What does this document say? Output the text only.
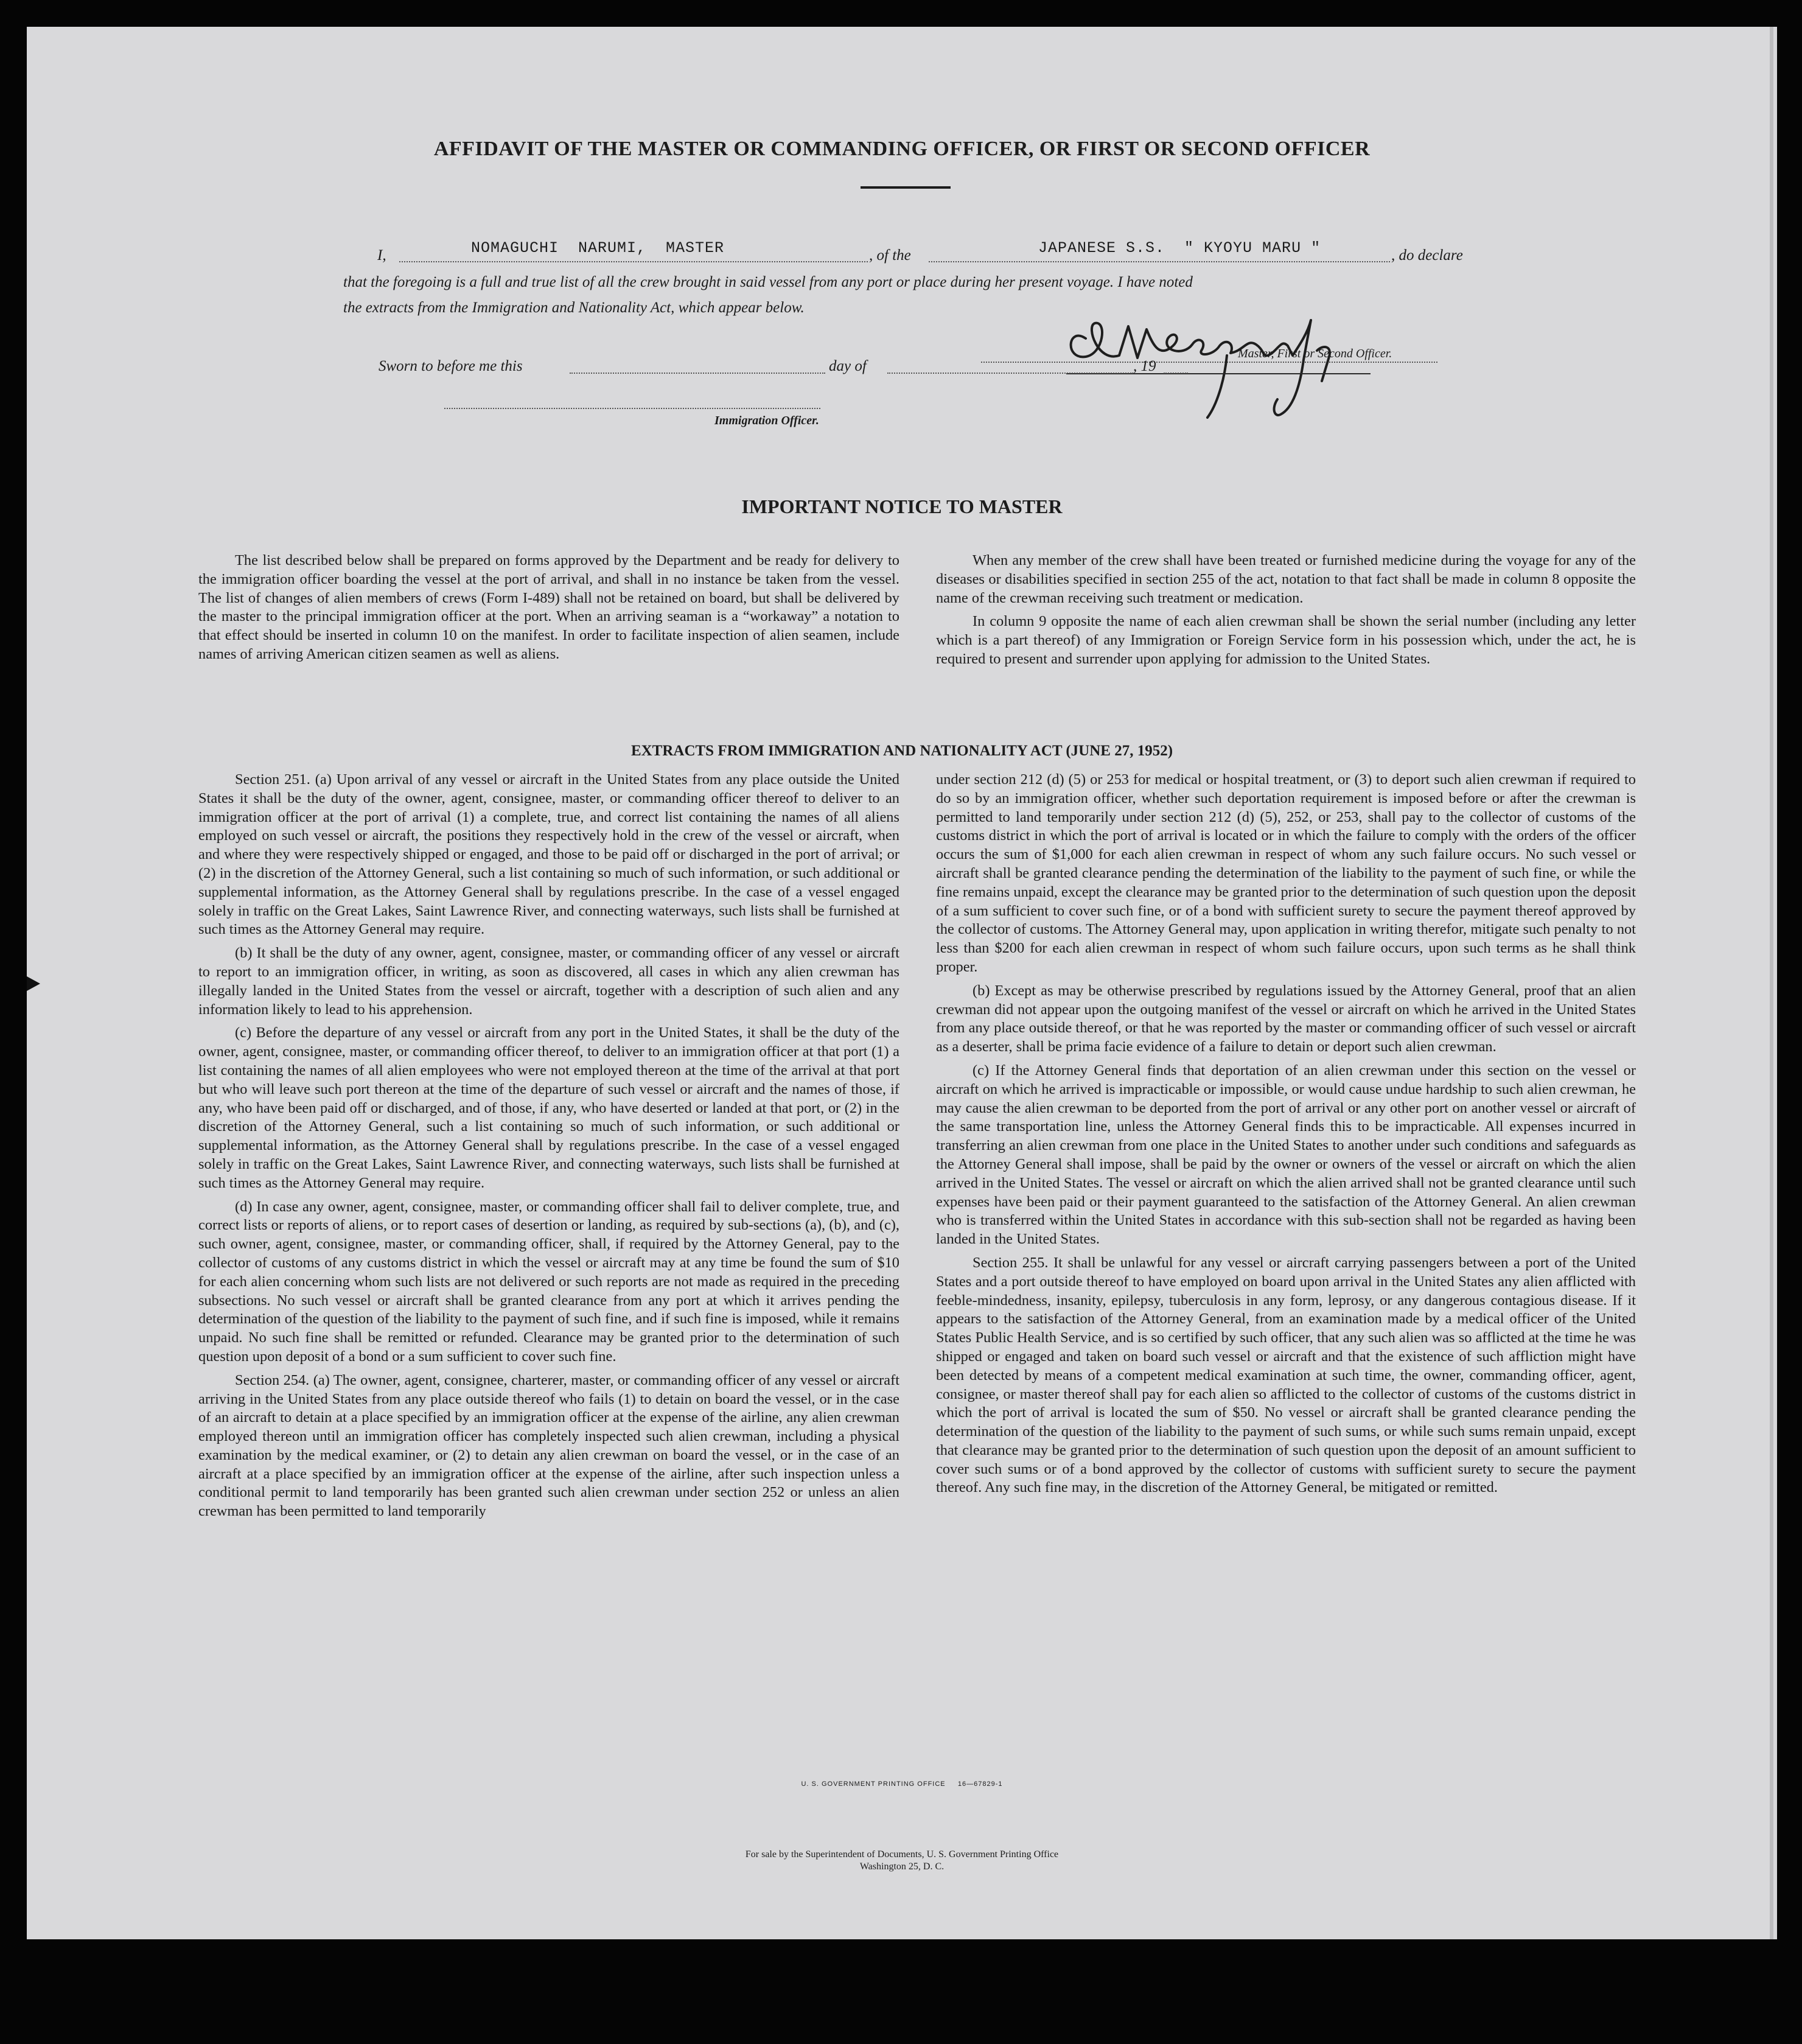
AFFIDAVIT OF THE MASTER OR COMMANDING OFFICER, OR FIRST OR SECOND OFFICER
I,	NOMAGUCHI  NARUMI,  MASTER	, of the	JAPANESE S.S.  " KYOYU MARU "	, do declare
that the foregoing is a full and true list of all the crew brought in said vessel from any port or place during her present voyage. I have noted
the extracts from the Immigration and Nationality Act, which appear below.
Master, First or Second Officer.
Sworn to before me this	day of	, 19
Immigration Officer.
IMPORTANT NOTICE TO MASTER

The list described below shall be prepared on forms approved by the Department and be ready for delivery to the immigration officer boarding the vessel at the port of arrival, and shall in no instance be taken from the vessel. The list of changes of alien members of crews (Form I-489) shall not be retained on board, but shall be delivered by the master to the principal immigration officer at the port. When an arriving seaman is a “workaway” a notation to that effect should be inserted in column 10 on the manifest. In order to facilitate inspection of alien seamen, include names of arriving American citizen seamen as well as aliens.

When any member of the crew shall have been treated or furnished medicine during the voyage for any of the diseases or disabilities specified in section 255 of the act, notation to that fact shall be made in column 8 opposite the name of the crewman receiving such treatment or medication.

In column 9 opposite the name of each alien crewman shall be shown the serial number (including any letter which is a part thereof) of any Immigration or Foreign Service form in his possession which, under the act, he is required to present and surrender upon applying for admission to the United States.

EXTRACTS FROM IMMIGRATION AND NATIONALITY ACT (JUNE 27, 1952)

Section 251. (a) Upon arrival of any vessel or aircraft in the United States from any place outside the United States it shall be the duty of the owner, agent, consignee, master, or commanding officer thereof to deliver to an immigration officer at the port of arrival (1) a complete, true, and correct list containing the names of all aliens employed on such vessel or aircraft, the positions they respectively hold in the crew of the vessel or aircraft, when and where they were respectively shipped or engaged, and those to be paid off or discharged in the port of arrival; or (2) in the discretion of the Attorney General, such a list containing so much of such information, or such additional or supplemental information, as the Attorney General shall by regulations prescribe. In the case of a vessel engaged solely in traffic on the Great Lakes, Saint Lawrence River, and connecting waterways, such lists shall be furnished at such times as the Attorney General may require.

(b) It shall be the duty of any owner, agent, consignee, master, or commanding officer of any vessel or aircraft to report to an immigration officer, in writing, as soon as discovered, all cases in which any alien crewman has illegally landed in the United States from the vessel or aircraft, together with a description of such alien and any information likely to lead to his apprehension.

(c) Before the departure of any vessel or aircraft from any port in the United States, it shall be the duty of the owner, agent, consignee, master, or commanding officer thereof, to deliver to an immigration officer at that port (1) a list containing the names of all alien employees who were not employed thereon at the time of the arrival at that port but who will leave such port thereon at the time of the departure of such vessel or aircraft and the names of those, if any, who have been paid off or discharged, and of those, if any, who have deserted or landed at that port, or (2) in the discretion of the Attorney General, such a list containing so much of such information, or such additional or supplemental information, as the Attorney General shall by regulations prescribe. In the case of a vessel engaged solely in traffic on the Great Lakes, Saint Lawrence River, and connecting waterways, such lists shall be furnished at such times as the Attorney General may require.

(d) In case any owner, agent, consignee, master, or commanding officer shall fail to deliver complete, true, and correct lists or reports of aliens, or to report cases of desertion or landing, as required by sub-sections (a), (b), and (c), such owner, agent, consignee, master, or commanding officer, shall, if required by the Attorney General, pay to the collector of customs of any customs district in which the vessel or aircraft may at any time be found the sum of $10 for each alien concerning whom such lists are not delivered or such reports are not made as required in the preceding subsections. No such vessel or aircraft shall be granted clearance from any port at which it arrives pending the determination of the question of the liability to the payment of such fine, and if such fine is imposed, while it remains unpaid. No such fine shall be remitted or refunded. Clearance may be granted prior to the determination of such question upon deposit of a bond or a sum sufficient to cover such fine.

Section 254. (a) The owner, agent, consignee, charterer, master, or commanding officer of any vessel or aircraft arriving in the United States from any place outside thereof who fails (1) to detain on board the vessel, or in the case of an aircraft to detain at a place specified by an immigration officer at the expense of the airline, any alien crewman employed thereon until an immigration officer has completely inspected such alien crewman, including a physical examination by the medical examiner, or (2) to detain any alien crewman on board the vessel, or in the case of an aircraft at a place specified by an immigration officer at the expense of the airline, after such inspection unless a conditional permit to land temporarily has been granted such alien crewman under section 252 or unless an alien crewman has been permitted to land temporarily

under section 212 (d) (5) or 253 for medical or hospital treatment, or (3) to deport such alien crewman if required to do so by an immigration officer, whether such deportation requirement is imposed before or after the crewman is permitted to land temporarily under section 212 (d) (5), 252, or 253, shall pay to the collector of customs of the customs district in which the port of arrival is located or in which the failure to comply with the orders of the officer occurs the sum of $1,000 for each alien crewman in respect of whom any such failure occurs. No such vessel or aircraft shall be granted clearance pending the determination of the liability to the payment of such fine, or while the fine remains unpaid, except the clearance may be granted prior to the determination of such question upon the deposit of a sum sufficient to cover such fine, or of a bond with sufficient surety to secure the payment thereof approved by the collector of customs. The Attorney General may, upon application in writing therefor, mitigate such penalty to not less than $200 for each alien crewman in respect of whom such failure occurs, upon such terms as he shall think proper.

(b) Except as may be otherwise prescribed by regulations issued by the Attorney General, proof that an alien crewman did not appear upon the outgoing manifest of the vessel or aircraft on which he arrived in the United States from any place outside thereof, or that he was reported by the master or commanding officer of such vessel or aircraft as a deserter, shall be prima facie evidence of a failure to detain or deport such alien crewman.

(c) If the Attorney General finds that deportation of an alien crewman under this section on the vessel or aircraft on which he arrived is impracticable or impossible, or would cause undue hardship to such alien crewman, he may cause the alien crewman to be deported from the port of arrival or any other port on another vessel or aircraft of the same transportation line, unless the Attorney General finds this to be impracticable. All expenses incurred in transferring an alien crewman from one place in the United States to another under such conditions and safeguards as the Attorney General shall impose, shall be paid by the owner or owners of the vessel or aircraft on which the alien arrived in the United States. The vessel or aircraft on which the alien arrived shall not be granted clearance until such expenses have been paid or their payment guaranteed to the satisfaction of the Attorney General. An alien crewman who is transferred within the United States in accordance with this sub-section shall not be regarded as having been landed in the United States.

Section 255. It shall be unlawful for any vessel or aircraft carrying passengers between a port of the United States and a port outside thereof to have employed on board upon arrival in the United States any alien afflicted with feeble-mindedness, insanity, epilepsy, tuberculosis in any form, leprosy, or any dangerous contagious disease. If it appears to the satisfaction of the Attorney General, from an examination made by a medical officer of the United States Public Health Service, and is so certified by such officer, that any such alien was so afflicted at the time he was shipped or engaged and taken on board such vessel or aircraft and that the existence of such affliction might have been detected by means of a competent medical examination at such time, the owner, commanding officer, agent, consignee, or master thereof shall pay for each alien so afflicted to the collector of customs of the customs district in which the port of arrival is located the sum of $50. No vessel or aircraft shall be granted clearance pending the determination of the question of the liability to the payment of such sums, or while such sums remain unpaid, except that clearance may be granted prior to the determination of such question upon the deposit of an amount sufficient to cover such sums or of a bond approved by the collector of customs with sufficient surety to secure the payment thereof. Any such fine may, in the discretion of the Attorney General, be mitigated or remitted.

U. S. GOVERNMENT PRINTING OFFICE     16—67829-1
For sale by the Superintendent of Documents, U. S. Government Printing Office
Washington 25, D. C.
